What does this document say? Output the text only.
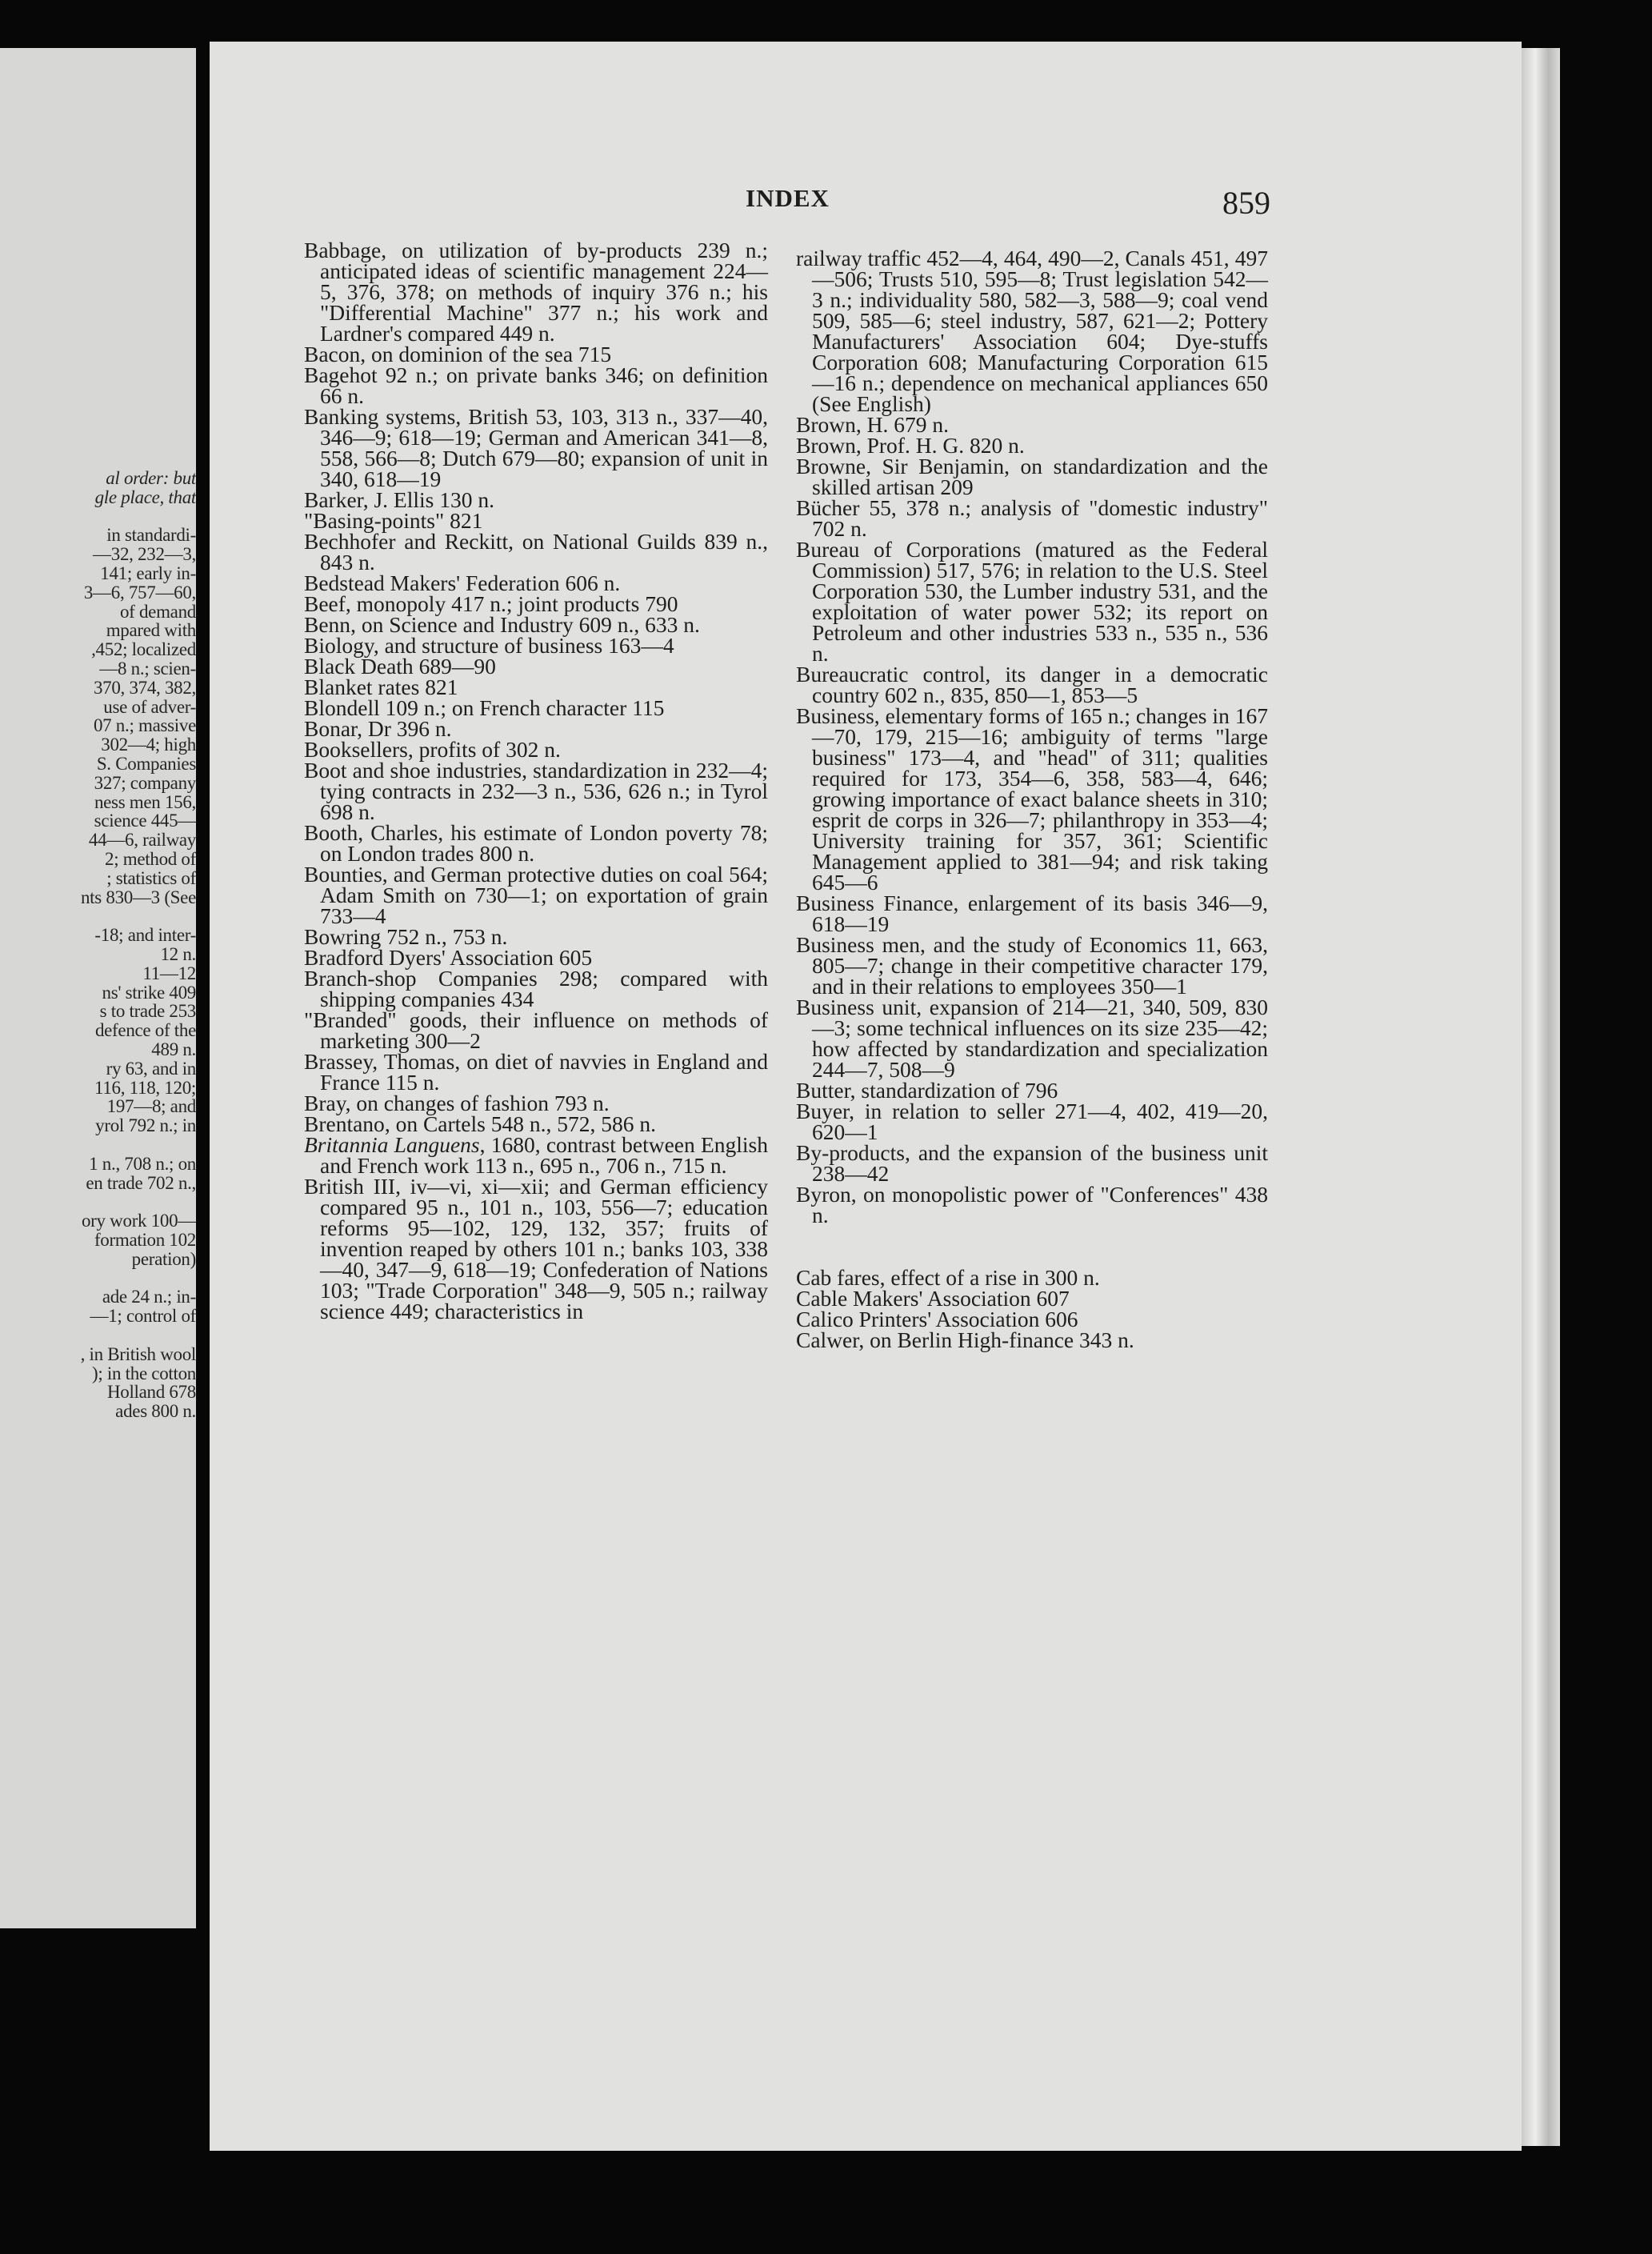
al order: but
gle place, that
in standardi-
—32, 232—3,
141; early in-
3—6, 757—60,
of demand
mpared with
,452; localized
—8 n.; scien-
370, 374, 382,
use of adver-
07 n.; massive
302—4; high
S. Companies
327; company
ness men 156,
science 445—
44—6, railway
2; method of
; statistics of
nts 830—3 (See
-18; and inter-
12 n.
11—12
ns' strike 409
s to trade 253
defence of the
489 n.
ry 63, and in
116, 118, 120;
197—8; and
yrol 792 n.; in
1 n., 708 n.; on
en trade 702 n.,
ory work 100—
formation 102
peration)
ade 24 n.; in-
—1; control of
, in British wool
); in the cotton
Holland 678
ades 800 n.
INDEX	859

Babbage, on utilization of by-products 239 n.; anticipated ideas of scientific management 224—5, 376, 378; on methods of inquiry 376 n.; his "Differential Machine" 377 n.; his work and Lardner's compared 449 n.

Bacon, on dominion of the sea 715

Bagehot 92 n.; on private banks 346; on definition 66 n.

Banking systems, British 53, 103, 313 n., 337—40, 346—9; 618—19; German and American 341—8, 558, 566—8; Dutch 679—80; expansion of unit in 340, 618—19

Barker, J. Ellis 130 n.

"Basing-points" 821

Bechhofer and Reckitt, on National Guilds 839 n., 843 n.

Bedstead Makers' Federation 606 n.

Beef, monopoly 417 n.; joint products 790

Benn, on Science and Industry 609 n., 633 n.

Biology, and structure of business 163—4

Black Death 689—90

Blanket rates 821

Blondell 109 n.; on French character 115

Bonar, Dr 396 n.

Booksellers, profits of 302 n.

Boot and shoe industries, standardization in 232—4; tying contracts in 232—3 n., 536, 626 n.; in Tyrol 698 n.

Booth, Charles, his estimate of London poverty 78; on London trades 800 n.

Bounties, and German protective duties on coal 564; Adam Smith on 730—1; on exportation of grain 733—4

Bowring 752 n., 753 n.

Bradford Dyers' Association 605

Branch-shop Companies 298; compared with shipping companies 434

"Branded" goods, their influence on methods of marketing 300—2

Brassey, Thomas, on diet of navvies in England and France 115 n.

Bray, on changes of fashion 793 n.

Brentano, on Cartels 548 n., 572, 586 n.

Britannia Languens, 1680, contrast between English and French work 113 n., 695 n., 706 n., 715 n.

British III, iv—vi, xi—xii; and German efficiency compared 95 n., 101 n., 103, 556—7; education reforms 95—102, 129, 132, 357; fruits of invention reaped by others 101 n.; banks 103, 338—40, 347—9, 618—19; Confederation of Nations 103; "Trade Corporation" 348—9, 505 n.; railway science 449; characteristics in

railway traffic 452—4, 464, 490—2, Canals 451, 497—506; Trusts 510, 595—8; Trust legislation 542—3 n.; individuality 580, 582—3, 588—9; coal vend 509, 585—6; steel industry, 587, 621—2; Pottery Manufacturers' Association 604; Dye-stuffs Corporation 608; Manufacturing Corporation 615—16 n.; dependence on mechanical appliances 650 (See English)

Brown, H. 679 n.

Brown, Prof. H. G. 820 n.

Browne, Sir Benjamin, on standardization and the skilled artisan 209

Bücher 55, 378 n.; analysis of "domestic industry" 702 n.

Bureau of Corporations (matured as the Federal Commission) 517, 576; in relation to the U.S. Steel Corporation 530, the Lumber industry 531, and the exploitation of water power 532; its report on Petroleum and other industries 533 n., 535 n., 536 n.

Bureaucratic control, its danger in a democratic country 602 n., 835, 850—1, 853—5

Business, elementary forms of 165 n.; changes in 167—70, 179, 215—16; ambiguity of terms "large business" 173—4, and "head" of 311; qualities required for 173, 354—6, 358, 583—4, 646; growing importance of exact balance sheets in 310; esprit de corps in 326—7; philanthropy in 353—4; University training for 357, 361; Scientific Management applied to 381—94; and risk taking 645—6

Business Finance, enlargement of its basis 346—9, 618—19

Business men, and the study of Economics 11, 663, 805—7; change in their competitive character 179, and in their relations to employees 350—1

Business unit, expansion of 214—21, 340, 509, 830—3; some technical influences on its size 235—42; how affected by standardization and specialization 244—7, 508—9

Butter, standardization of 796

Buyer, in relation to seller 271—4, 402, 419—20, 620—1

By-products, and the expansion of the business unit 238—42

Byron, on monopolistic power of "Conferences" 438 n.

Cab fares, effect of a rise in 300 n.

Cable Makers' Association 607

Calico Printers' Association 606

Calwer, on Berlin High-finance 343 n.
